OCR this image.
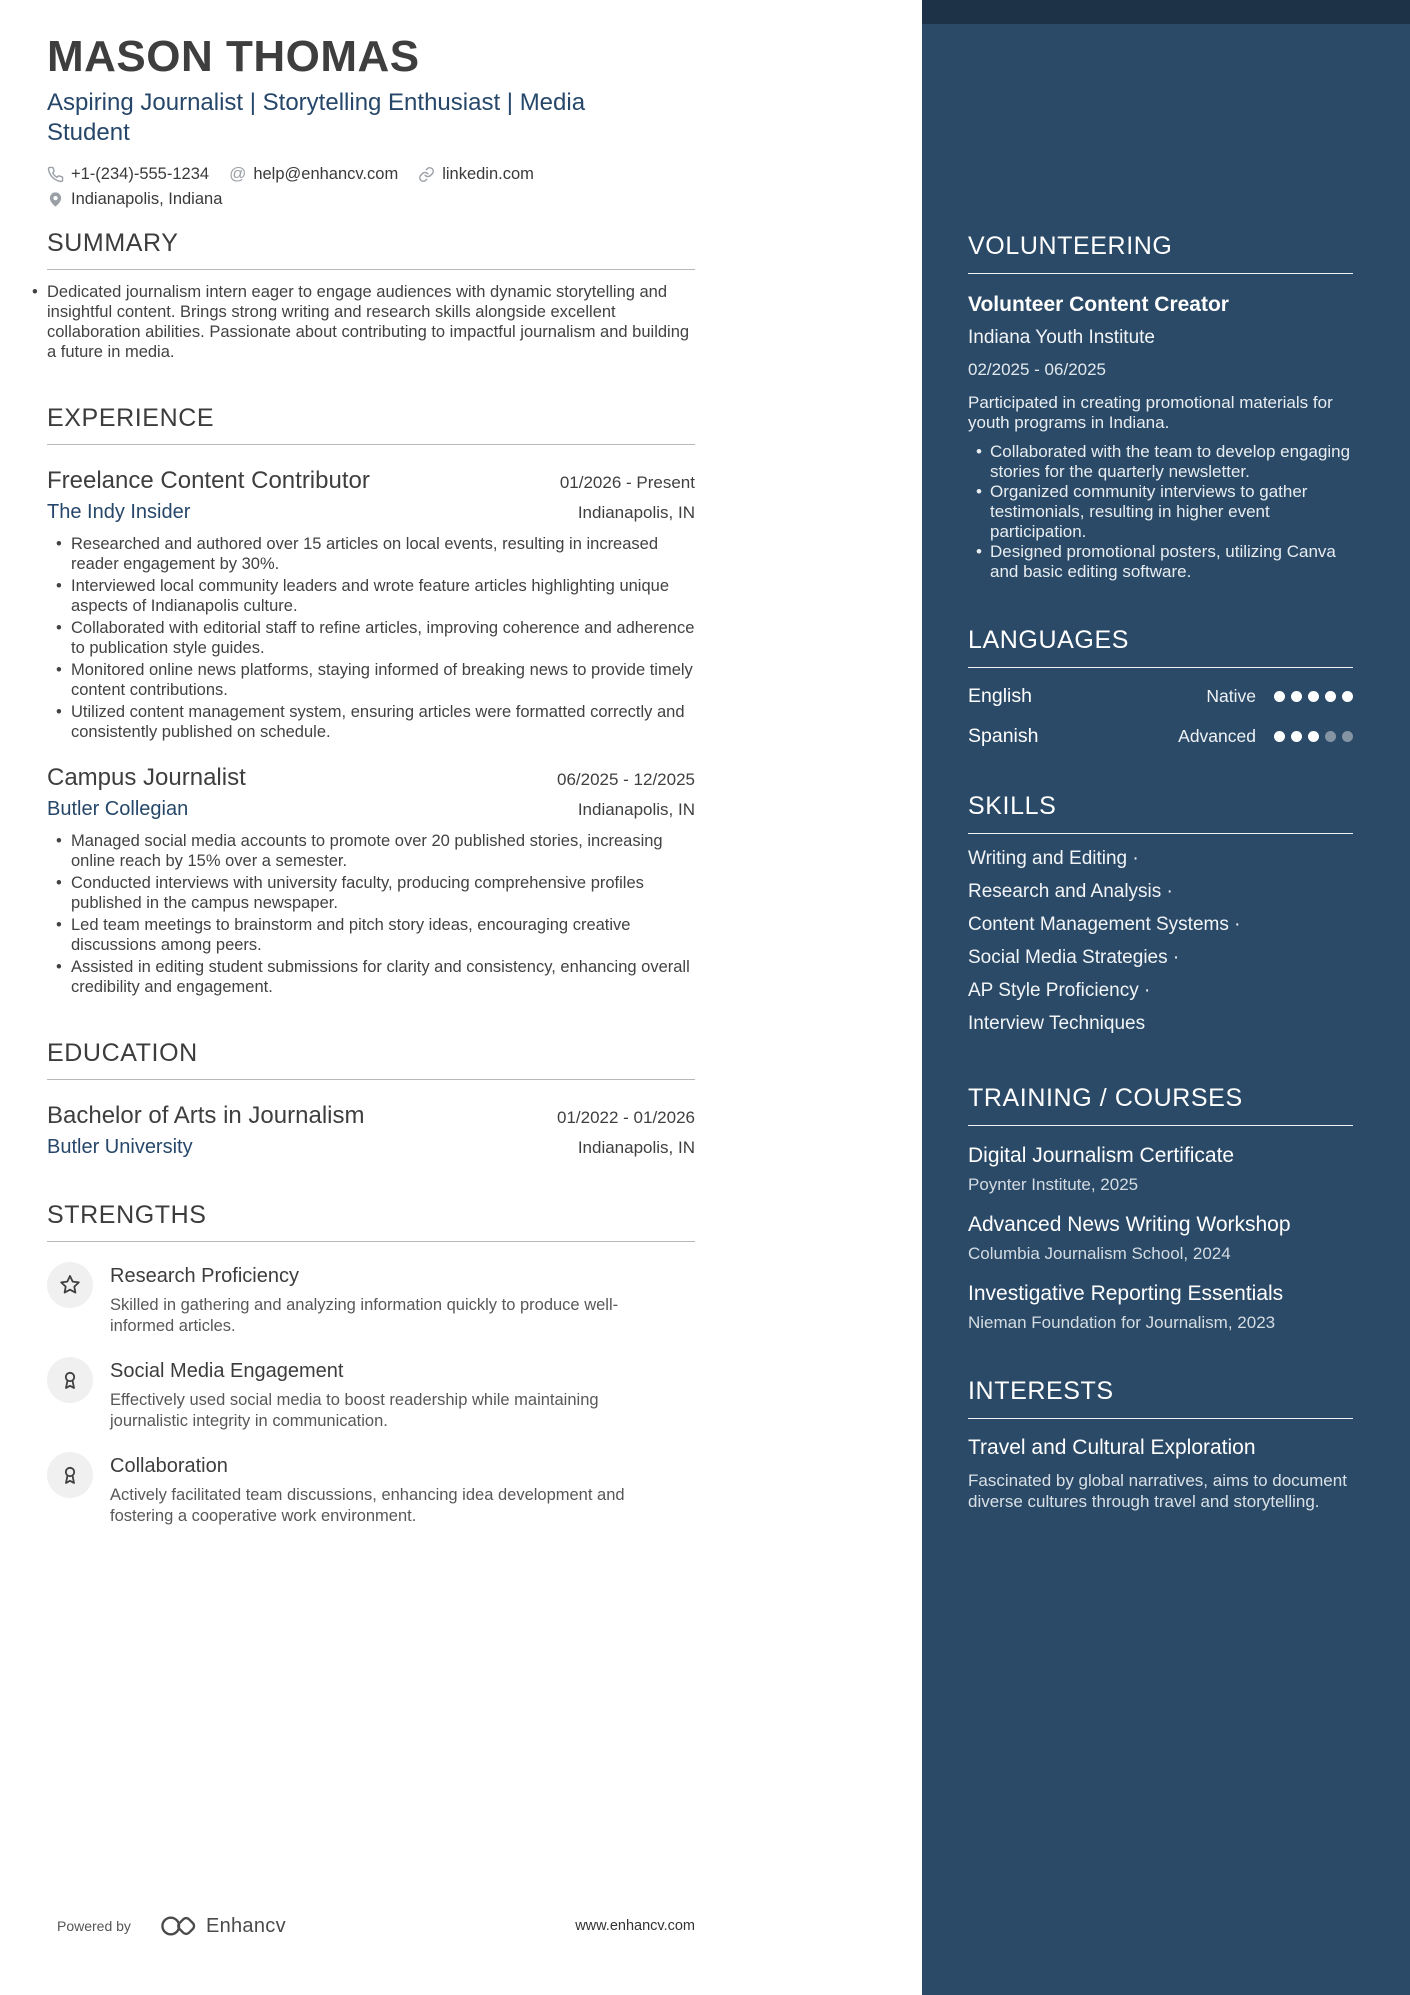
VOLUNTEERING
Volunteer Content Creator
Indiana Youth Institute
02/2025 - 06/2025
Participated in creating promotional materials for youth programs in Indiana.
• Collaborated with the team to develop engaging stories for the quarterly newsletter.
• Organized community interviews to gather testimonials, resulting in higher event participation.
• Designed promotional posters, utilizing Canva and basic editing software.
LANGUAGES
English	Native
Spanish	Advanced
SKILLS
Writing and Editing ·
Research and Analysis ·
Content Management Systems ·
Social Media Strategies ·
AP Style Proficiency ·
Interview Techniques
TRAINING / COURSES
Digital Journalism Certificate
Poynter Institute, 2025
Advanced News Writing Workshop
Columbia Journalism School, 2024
Investigative Reporting Essentials
Nieman Foundation for Journalism, 2023
INTERESTS
Travel and Cultural Exploration
Fascinated by global narratives, aims to document diverse cultures through travel and storytelling.
MASON THOMAS
Aspiring Journalist | Storytelling Enthusiast | Media Student
+1-(234)-555-1234 @ help@enhancv.com	linkedin.com
Indianapolis, Indiana
SUMMARY
• Dedicated journalism intern eager to engage audiences with dynamic storytelling and insightful content. Brings strong writing and research skills alongside excellent collaboration abilities. Passionate about contributing to impactful journalism and building a future in media.
EXPERIENCE
Freelance Content Contributor	01/2026 - Present
The Indy Insider	Indianapolis, IN
• Researched and authored over 15 articles on local events, resulting in increased reader engagement by 30%.
• Interviewed local community leaders and wrote feature articles highlighting unique aspects of Indianapolis culture.
• Collaborated with editorial staff to refine articles, improving coherence and adherence to publication style guides.
• Monitored online news platforms, staying informed of breaking news to provide timely content contributions.
• Utilized content management system, ensuring articles were formatted correctly and consistently published on schedule.
Campus Journalist	06/2025 - 12/2025
Butler Collegian	Indianapolis, IN
• Managed social media accounts to promote over 20 published stories, increasing online reach by 15% over a semester.
• Conducted interviews with university faculty, producing comprehensive profiles published in the campus newspaper.
• Led team meetings to brainstorm and pitch story ideas, encouraging creative discussions among peers.
• Assisted in editing student submissions for clarity and consistency, enhancing overall credibility and engagement.
EDUCATION
Bachelor of Arts in Journalism	01/2022 - 01/2026
Butler University	Indianapolis, IN
STRENGTHS
Research Proficiency
Skilled in gathering and analyzing information quickly to produce well-informed articles.
Social Media Engagement
Effectively used social media to boost readership while maintaining journalistic integrity in communication.
Collaboration
Actively facilitated team discussions, enhancing idea development and fostering a cooperative work environment.
Powered by	Enhancv	www.enhancv.com
